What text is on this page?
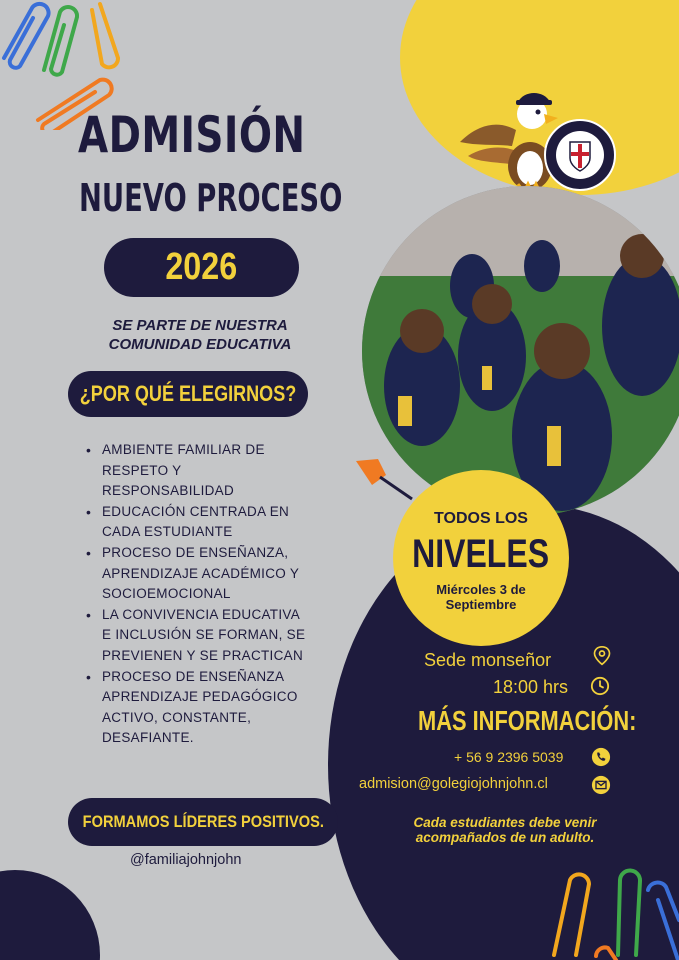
ADMISIÓN
NUEVO PROCESO
2026
SE PARTE DE NUESTRA
COMUNIDAD EDUCATIVA
¿POR QUÉ ELEGIRNOS?
• AMBIENTE FAMILIAR DE RESPETO Y RESPONSABILIDAD
• EDUCACIÓN CENTRADA EN CADA ESTUDIANTE
• PROCESO DE ENSEÑANZA, APRENDIZAJE ACADÉMICO Y SOCIOEMOCIONAL
• LA CONVIVENCIA EDUCATIVA E INCLUSIÓN SE FORMAN, SE PREVIENEN Y SE PRACTICAN
• PROCESO DE ENSEÑANZA APRENDIZAJE PEDAGÓGICO ACTIVO, CONSTANTE, DESAFIANTE.
FORMAMOS LÍDERES POSITIVOS.
@familiajohnjohn
TODOS LOS
NIVELES
Miércoles 3 de
Septiembre
Sede monseñor
18:00 hrs
MÁS INFORMACIÓN:
+ 56 9 2396 5039
admision@golegiojohnjohn.cl
Cada estudiantes debe venir
acompañados de un adulto.
